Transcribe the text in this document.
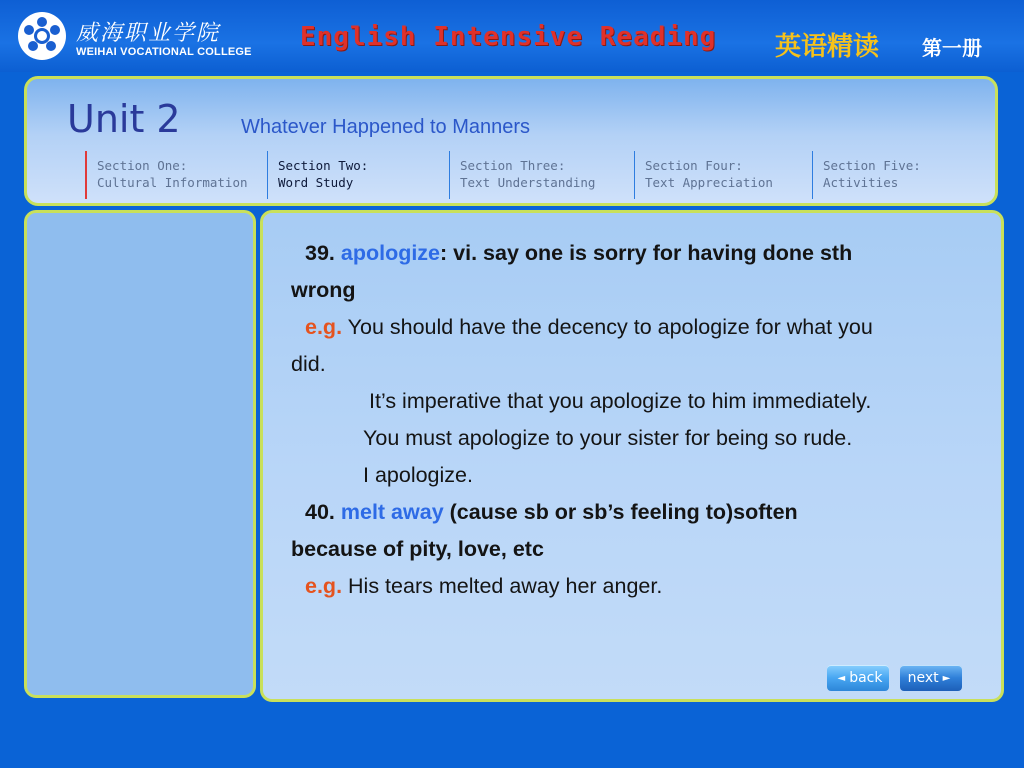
威海职业学院
WEIHAI VOCATIONAL COLLEGE English Intensive Reading 英语精读 第一册
Unit 2	Whatever Happened to Manners
Section One:
Cultural Information
Section Two:
Word Study
Section Three:
Text Understanding
Section Four:
Text Appreciation
Section Five:
Activities
39. apologize: vi. say one is sorry for having done sth
wrong
e.g. You should have the decency to apologize for what you
did.
It’s imperative that you apologize to him immediately.
You must apologize to your sister for being so rude.
I apologize.
40. melt away (cause sb or sb’s feeling to)soften
because of pity, love, etc
e.g. His tears melted away her anger.
◄ back next ►
